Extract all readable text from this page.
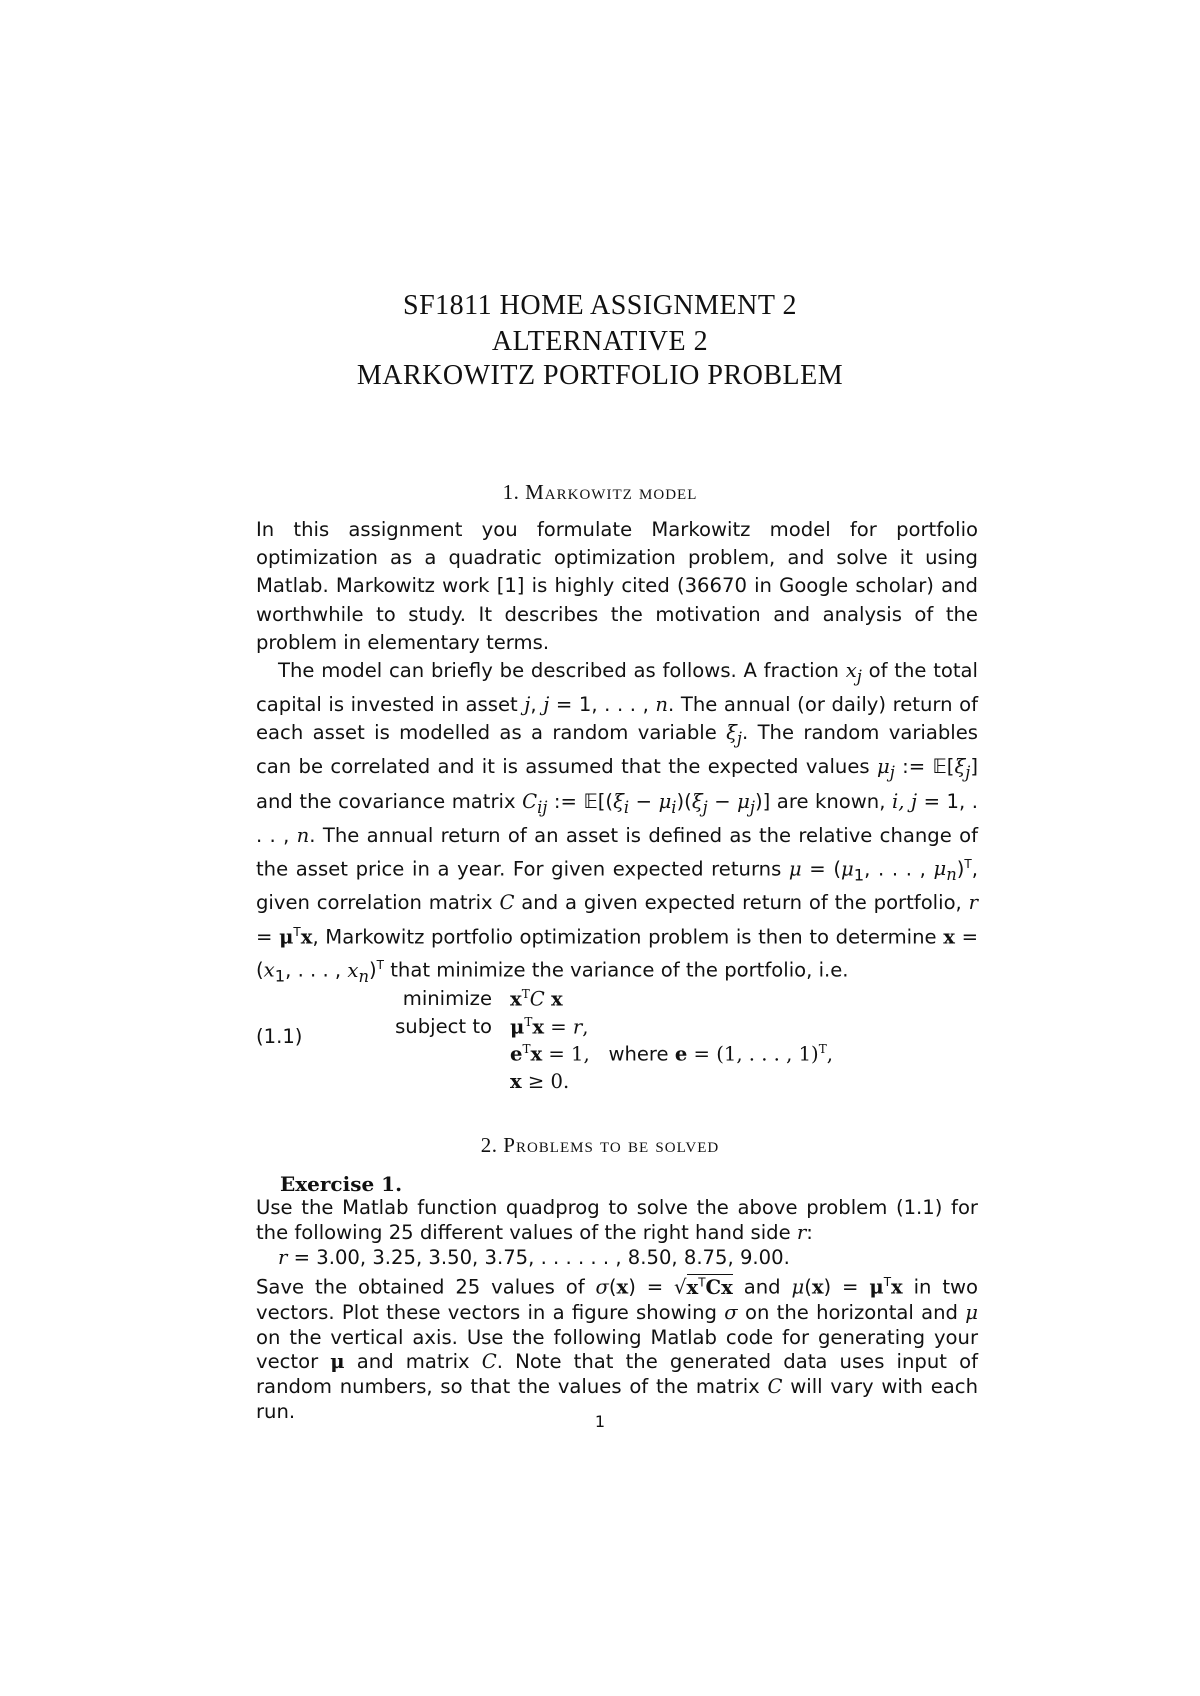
SF1811 HOME ASSIGNMENT 2
ALTERNATIVE 2
MARKOWITZ PORTFOLIO PROBLEM
1. Markowitz model
In this assignment you formulate Markowitz model for portfolio optimization as a quadratic optimization problem, and solve it using Matlab. Markowitz work [1] is highly cited (36670 in Google scholar) and worthwhile to study. It describes the motivation and analysis of the problem in elementary terms.
The model can briefly be described as follows. A fraction $x_j$ of the total capital is invested in asset j, j = 1, . . . , n. The annual (or daily) return of each asset is modelled as a random variable $\xi_j$. The random variables can be correlated and it is assumed that the expected values $\mu_j$ := $𝔼[\xi_j]$ and the covariance matrix $C_{ij}$ := $𝔼[(\xi_i - \mu_i)(\xi_j - \mu_j)]$ are known, i, j = 1, . . . , n. The annual return of an asset is defined as the relative change of the asset price in a year. For given expected returns $\mu = (\mu_1$, . . . , $\mu_n)^T$, given correlation matrix C and a given expected return of the portfolio, $r = \mu^Tx$, Markowitz portfolio optimization problem is then to determine $x = (x_1$, . . . , $x_n)^T$ that minimize the variance of the portfolio, i.e.
(1.1)
minimize
subject to
$x^TC$ x
$\mu^Tx = r$,
$e^Tx = 1$,   where e = (1, . . . , 1)$^T$,
x ≥ 0.
2. Problems to be solved
Exercise 1.
Use the Matlab function quadprog to solve the above problem (1.1) for the following 25 different values of the right hand side r:
r = 3.00, 3.25, 3.50, 3.75, . . . . . . , 8.50, 8.75, 9.00.
Save the obtained 25 values of $\sigma(x) = √x^TCx$ and $\mu(x) = \mu^Tx$ in two vectors. Plot these vectors in a figure showing σ on the horizontal and μ on the vertical axis. Use the following Matlab code for generating your vector μ and matrix C. Note that the generated data uses input of random numbers, so that the values of the matrix C will vary with each run.	1
